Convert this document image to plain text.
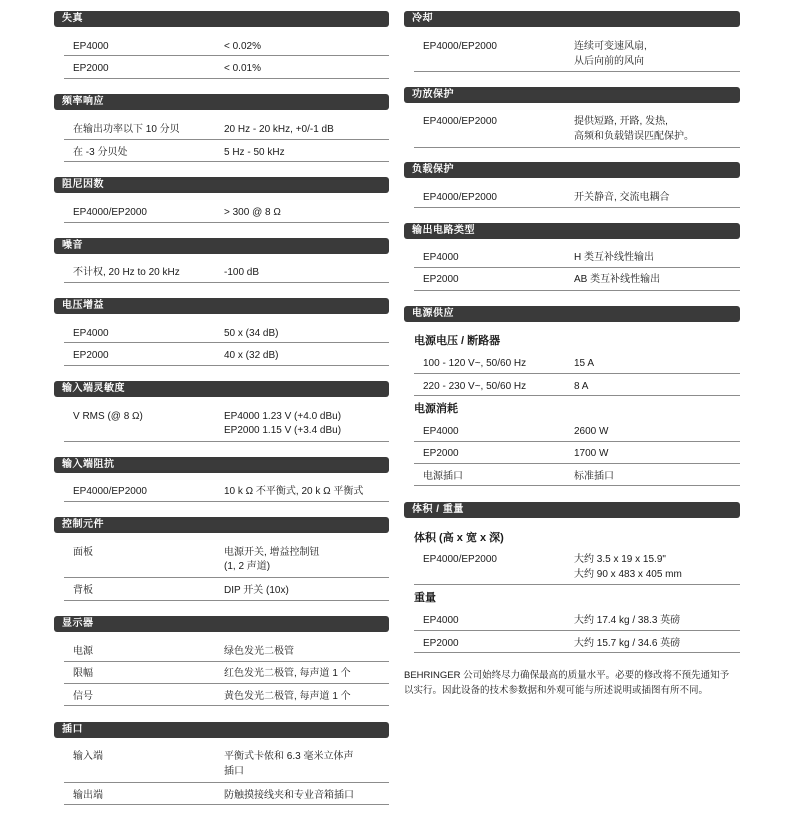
失真
EP4000	< 0.02%
EP2000	< 0.01%
频率响应
在输出功率以下 10 分贝	20 Hz - 20 kHz, +0/-1 dB
在 -3 分贝处	5 Hz - 50 kHz
阻尼因数
EP4000/EP2000	> 300 @ 8 Ω
噪音
不计权, 20 Hz to 20 kHz	-100 dB
电压增益
EP4000	50 x (34 dB)
EP2000	40 x (32 dB)
输入端灵敏度
V RMS (@ 8 Ω)	EP4000 1.23 V (+4.0 dBu)
EP2000 1.15 V (+3.4 dBu)
输入端阻抗
EP4000/EP2000	10 k Ω 不平衡式, 20 k Ω 平衡式
控制元件
面板	电源开关, 增益控制钮
(1, 2 声道)
背板	DIP 开关 (10x)
显示器
电源	绿色发光二极管
限幅	红色发光二极管, 每声道 1 个
信号	黄色发光二极管, 每声道 1 个
插口
输入端	平衡式卡侬和 6.3 毫米立体声
插口
输出端	防触摸接线夹和专业音箱插口
冷却
EP4000/EP2000	连续可变速风扇,
从后向前的风向
功放保护
EP4000/EP2000	提供短路, 开路, 发热,
高频和负载错误匹配保护。
负载保护
EP4000/EP2000	开关静音, 交流电耦合
输出电路类型
EP4000	H 类互补线性输出
EP2000	AB 类互补线性输出
电源供应
电源电压 / 断路器
100 - 120 V~, 50/60 Hz	15 A
220 - 230 V~, 50/60 Hz	8 A
电源消耗
EP4000	2600 W
EP2000	1700 W
电源插口	标准插口
体积 / 重量
体积 (高 x 宽 x 深)
EP4000/EP2000	大约 3.5 x 19 x 15.9"
大约 90 x 483 x 405 mm
重量
EP4000	大约 17.4 kg / 38.3 英磅
EP2000	大约 15.7 kg / 34.6 英磅
BEHRINGER 公司始终尽力确保最高的质量水平。必要的修改将不预先通知予
以实行。因此设备的技术参数据和外观可能与所述说明或插图有所不同。
